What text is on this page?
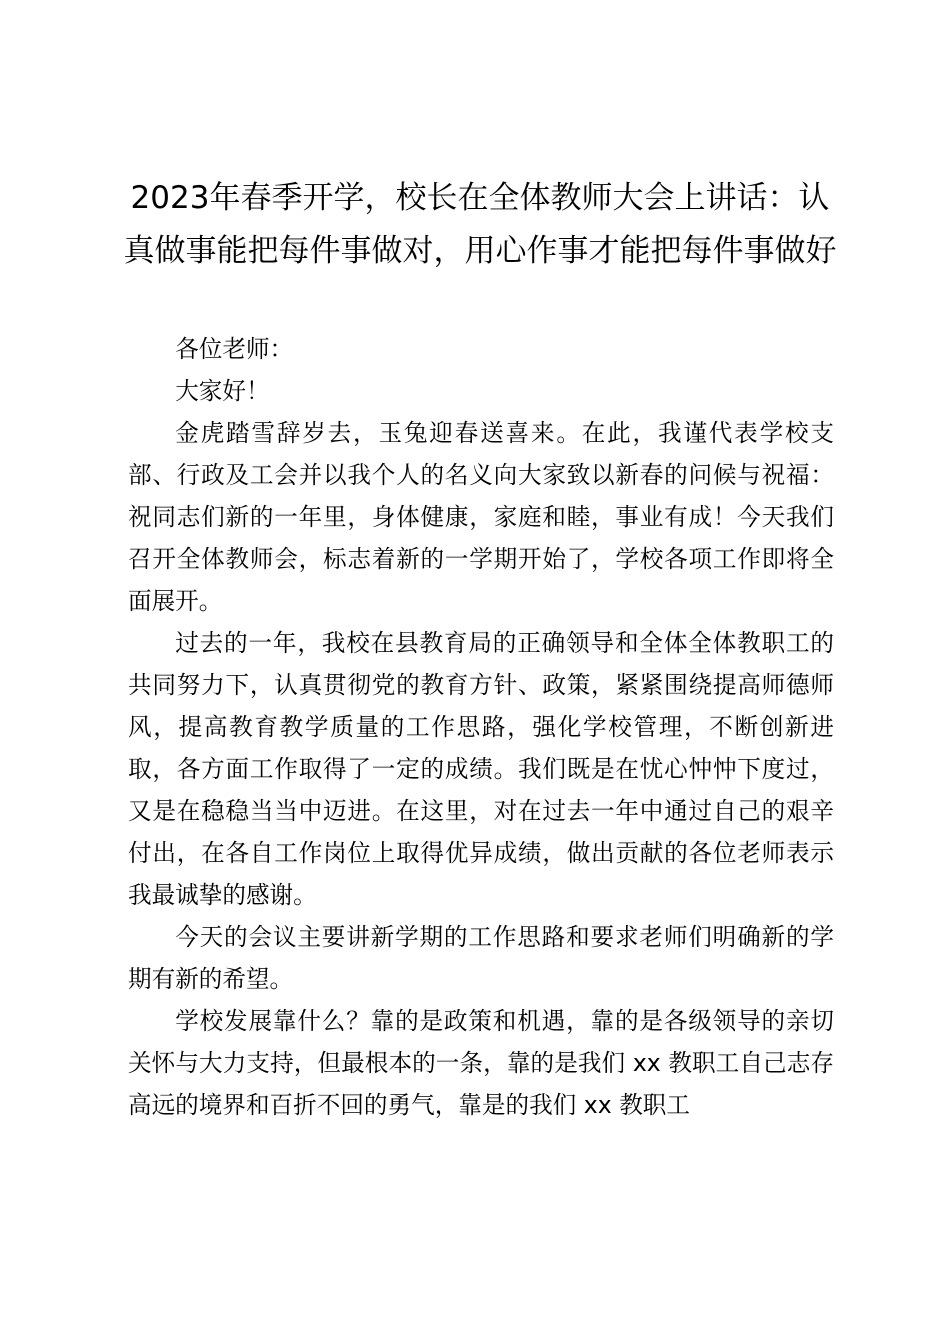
2023年春季开学，校长在全体教师大会上讲话：认真做事能把每件事做对，用心作事才能把每件事做好

各位老师：

大家好！

金虎踏雪辞岁去，玉兔迎春送喜来。在此，我谨代表学校支部、行政及工会并以我个人的名义向大家致以新春的问候与祝福：祝同志们新的一年里，身体健康，家庭和睦，事业有成！今天我们召开全体教师会，标志着新的一学期开始了，学校各项工作即将全面展开。

过去的一年，我校在县教育局的正确领导和全体全体教职工的共同努力下，认真贯彻党的教育方针、政策，紧紧围绕提高师德师风，提高教育教学质量的工作思路，强化学校管理，不断创新进取，各方面工作取得了一定的成绩。我们既是在忧心忡忡下度过，又是在稳稳当当中迈进。在这里，对在过去一年中通过自己的艰辛付出，在各自工作岗位上取得优异成绩，做出贡献的各位老师表示我最诚挚的感谢。

今天的会议主要讲新学期的工作思路和要求老师们明确新的学期有新的希望。

学校发展靠什么？靠的是政策和机遇，靠的是各级领导的亲切关怀与大力支持，但最根本的一条，靠的是我们 xx 教职工自己志存高远的境界和百折不回的勇气，靠是的我们 xx 教职工
